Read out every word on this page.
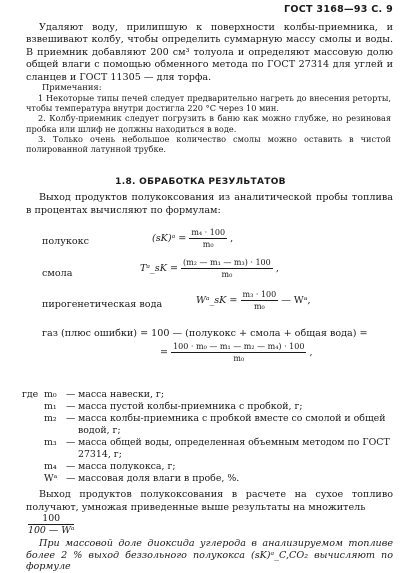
ГОСТ 3168—93 С. 9
Удаляют воду, прилипшую к поверхности колбы-приемника, и взвешивают колбу, чтобы определить суммарную массу смолы и воды. В приемник добавляют 200 см³ толуола и определяют массовую долю общей влаги с помощью обменного метода по ГОСТ 27314 для углей и сланцев и ГОСТ 11305 — для торфа.
Примечания:
1 Некоторые типы печей следует предварительно нагреть до внесения реторты, чтобы температура внутри достигла 220 °С через 10 мин.
2. Колбу-приемник следует погрузить в баню как можно глубже, но резиновая пробка или шлиф не должны находиться в воде.
3. Только очень небольшое количество смолы можно оставить в чистой полированной латунной трубке.
1.8. ОБРАБОТКА РЕЗУЛЬТАТОВ
Выход продуктов полукоксования из аналитической пробы топлива в процентах вычисляют по формулам:
полукокс	(sK)ᵃ = $\frac{\text{m₄ · 100}}{\text{m₀}}$ ,
смола	Tᵃ_sK = $\frac{\text{(m₂ — m₁ — m₃) · 100}}{\text{m₀}}$ ,
пирогенетическая вода	Wᵃ_sK = $\frac{\text{m₃ · 100}}{\text{m₀}}$ — Wᵃ,
газ (плюс ошибки) = 100 — (полукокс + смола + общая вода) =
= $\frac{\text{100 · m₀ — m₁ — m₂ — m₄) · 100}}{\text{m₀}}$ ,
где m₀ — масса навески, г;
m₁ — масса пустой колбы-приемника с пробкой, г;
m₂ — масса колбы-приемника с пробкой вместе со смолой и общей водой, г;
m₃ — масса общей воды, определенная объемным методом по ГОСТ 27314, г;
m₄ — масса полукокса, г;
Wᵃ — массовая доля влаги в пробе, %.
Выход продуктов полукоксования в расчете на сухое топливо получают, умножая приведенные выше результаты на множитель
$\frac{100}{\text{100 — Wᵃ}}$
При массовой доле диоксида углерода в анализируемом топливе более 2 % выход беззольного полукокса (sK)ᵃ_C,CO₂ вычисляют по формуле
